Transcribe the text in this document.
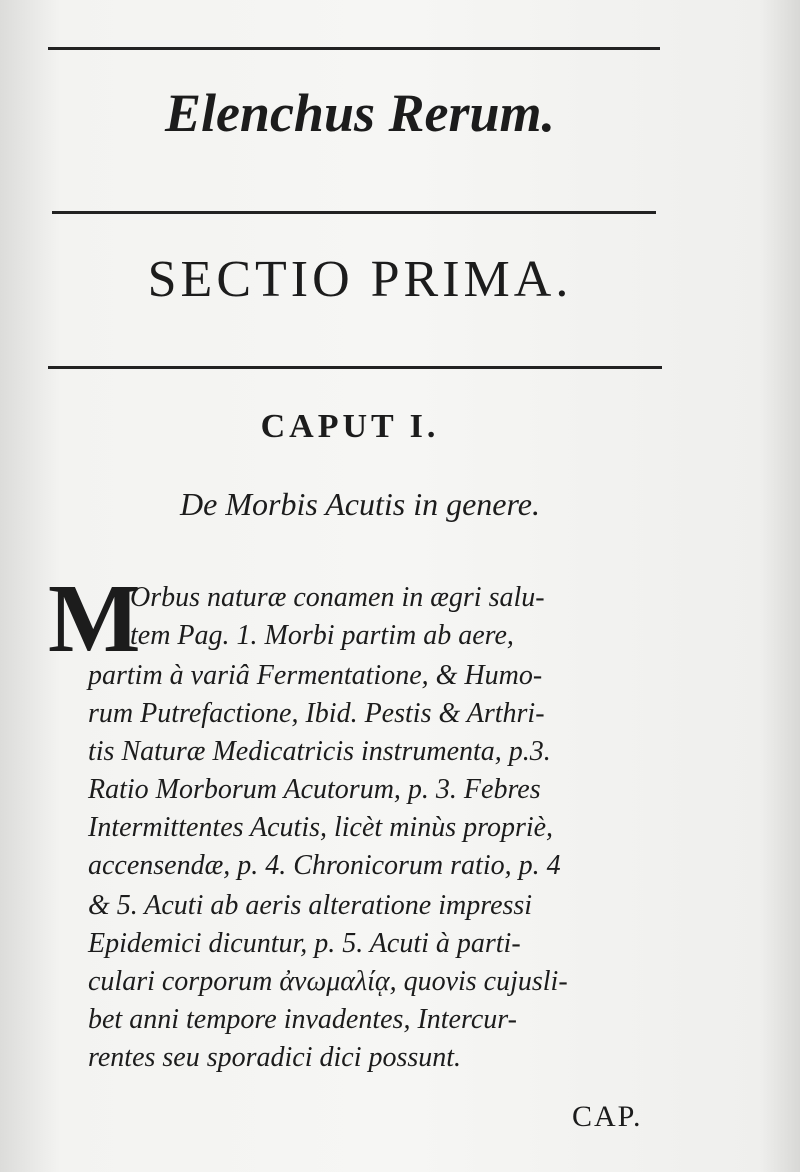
Elenchus Rerum.
SECTIO PRIMA.
CAPUT I.
De Morbis Acutis in genere.
M
Orbus naturæ conamen in ægri salu-
tem Pag. 1. Morbi partim ab aere,
partim à variâ Fermentatione, & Humo-
rum Putrefactione, Ibid. Pestis & Arthri-
tis Naturæ Medicatricis instrumenta, p.3.
Ratio Morborum Acutorum, p. 3. Febres
Intermittentes Acutis, licèt minùs propriè,
accensendæ, p. 4. Chronicorum ratio, p. 4
& 5. Acuti ab aeris alteratione impressi
Epidemici dicuntur, p. 5. Acuti à parti-
culari corporum ἀνωμαλίᾳ, quovis cujusli-
bet anni tempore invadentes, Intercur-
rentes seu sporadici dici possunt.
CAP.
